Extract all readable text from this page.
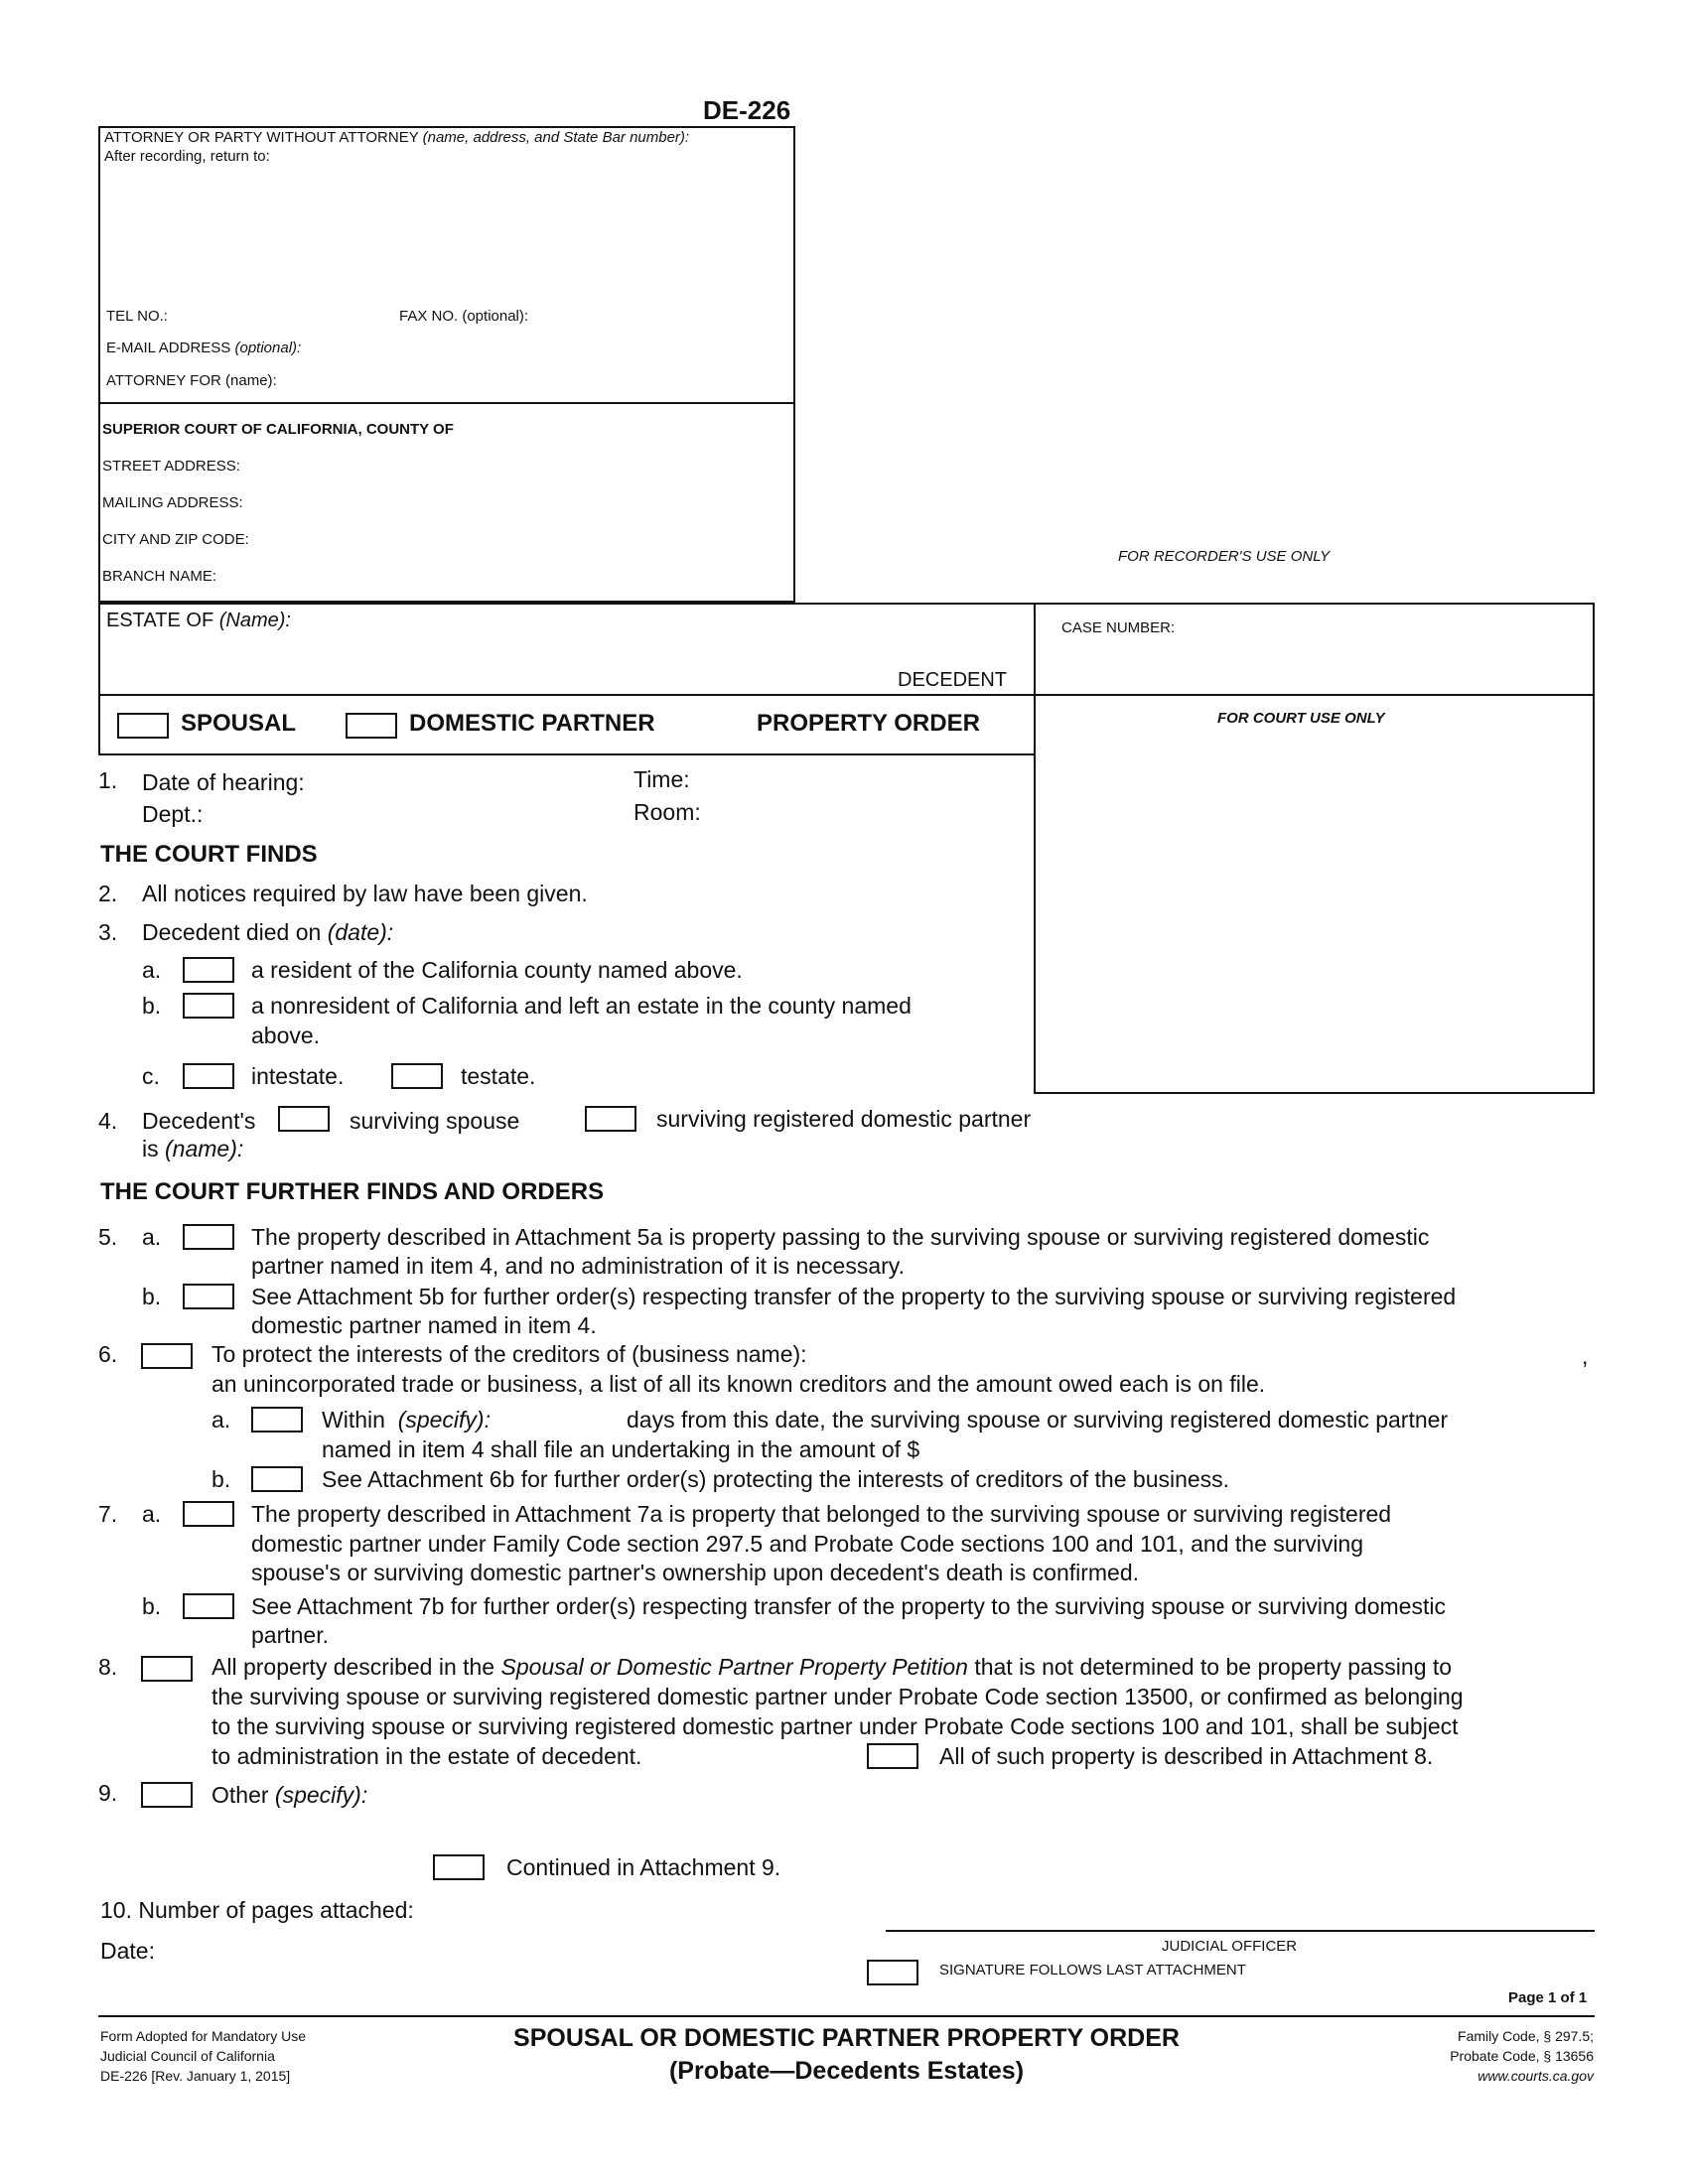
DE-226
ATTORNEY OR PARTY WITHOUT ATTORNEY (name, address, and State Bar number):
After recording, return to:
TEL NO.:	FAX NO. (optional):
E-MAIL ADDRESS (optional):
ATTORNEY FOR (name):
SUPERIOR COURT OF CALIFORNIA, COUNTY OF
STREET ADDRESS:
MAILING ADDRESS:
CITY AND ZIP CODE:
BRANCH NAME:
FOR RECORDER'S USE ONLY
ESTATE OF (Name):
DECEDENT
CASE NUMBER:
FOR COURT USE ONLY
SPOUSAL	DOMESTIC PARTNER	PROPERTY ORDER
1. Date of hearing:	Time:
Dept.:	Room:
THE COURT FINDS
2. All notices required by law have been given.
3. Decedent died on (date):
a.	a resident of the California county named above.
b.	a nonresident of California and left an estate in the county named
above.
c.	intestate.	testate.
4. Decedent's	surviving spouse	surviving registered domestic partner
is (name):
THE COURT FURTHER FINDS AND ORDERS
5. a.	The property described in Attachment 5a is property passing to the surviving spouse or surviving registered domestic
partner named in item 4, and no administration of it is necessary.
b.	See Attachment 5b for further order(s) respecting transfer of the property to the surviving spouse or surviving registered
domestic partner named in item 4.
6.	To protect the interests of the creditors of (business name):	,
an unincorporated trade or business, a list of all its known creditors and the amount owed each is on file.
a.	Within (specify):	days from this date, the surviving spouse or surviving registered domestic partner
named in item 4 shall file an undertaking in the amount of $
b.	See Attachment 6b for further order(s) protecting the interests of creditors of the business.
7. a.	The property described in Attachment 7a is property that belonged to the surviving spouse or surviving registered
domestic partner under Family Code section 297.5 and Probate Code sections 100 and 101, and the surviving
spouse's or surviving domestic partner's ownership upon decedent's death is confirmed.
b.	See Attachment 7b for further order(s) respecting transfer of the property to the surviving spouse or surviving domestic
partner.
8.	All property described in the Spousal or Domestic Partner Property Petition that is not determined to be property passing to
the surviving spouse or surviving registered domestic partner under Probate Code section 13500, or confirmed as belonging
to the surviving spouse or surviving registered domestic partner under Probate Code sections 100 and 101, shall be subject
to administration in the estate of decedent.	All of such property is described in Attachment 8.
9.	Other (specify):
Continued in Attachment 9.
10. Number of pages attached:
Date:	JUDICIAL OFFICER
SIGNATURE FOLLOWS LAST ATTACHMENT
Page 1 of 1
Form Adopted for Mandatory Use
Judicial Council of California
DE-226 [Rev. January 1, 2015]
SPOUSAL OR DOMESTIC PARTNER PROPERTY ORDER
(Probate—Decedents Estates)
Family Code, § 297.5;
Probate Code, § 13656
www.courts.ca.gov
